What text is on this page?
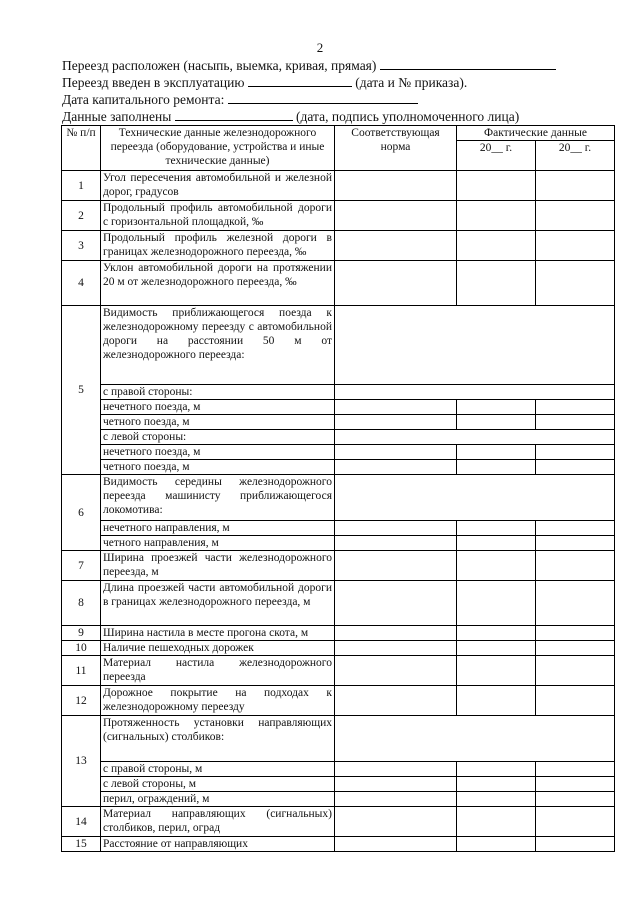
2
Переезд расположен (насыпь, выемка, кривая, прямая)
Переезд введен в эксплуатацию	(дата и № приказа).
Дата капитального ремонта:
Данные заполнены	(дата, подпись уполномоченного лица)
№ п/п	Технические данные железнодорожного переезда (оборудование, устройства и иные технические данные)	Соответствующая норма	Фактические данные	
			20__ г.	20__ г.
1	Угол пересечения автомобильной и железной дорог, градусов			
2	Продольный профиль автомобильной дороги с горизонтальной площадкой, ‰			
3	Продольный профиль железной дороги в границах железнодорожного переезда, ‰			
4	Уклон автомобильной дороги на протяжении 20 м от железнодорожного переезда, ‰			
5	Видимость приближающегося поезда к железнодорожному переезду с автомобильной дороги на расстоянии 50 м от железнодорожного переезда:			
	с правой стороны:			
	нечетного поезда, м			
	четного поезда, м			
	с левой стороны:			
	нечетного поезда, м			
	четного поезда, м			
6	Видимость середины железнодорожного переезда машинисту приближающегося локомотива:			
	нечетного направления, м			
	четного направления, м			
7	Ширина проезжей части железнодорожного переезда, м			
8	Длина проезжей части автомобильной дороги в границах железнодорожного переезда, м			
9	Ширина настила в месте прогона скота, м			
10	Наличие пешеходных дорожек			
11	Материал настила железнодорожного переезда			
12	Дорожное покрытие на подходах к железнодорожному переезду			
13	Протяженность установки направляющих (сигнальных) столбиков:			
	с правой стороны, м			
	с левой стороны, м			
	перил, ограждений, м			
14	Материал направляющих (сигнальных) столбиков, перил, оград			
15	Расстояние от направляющих			
